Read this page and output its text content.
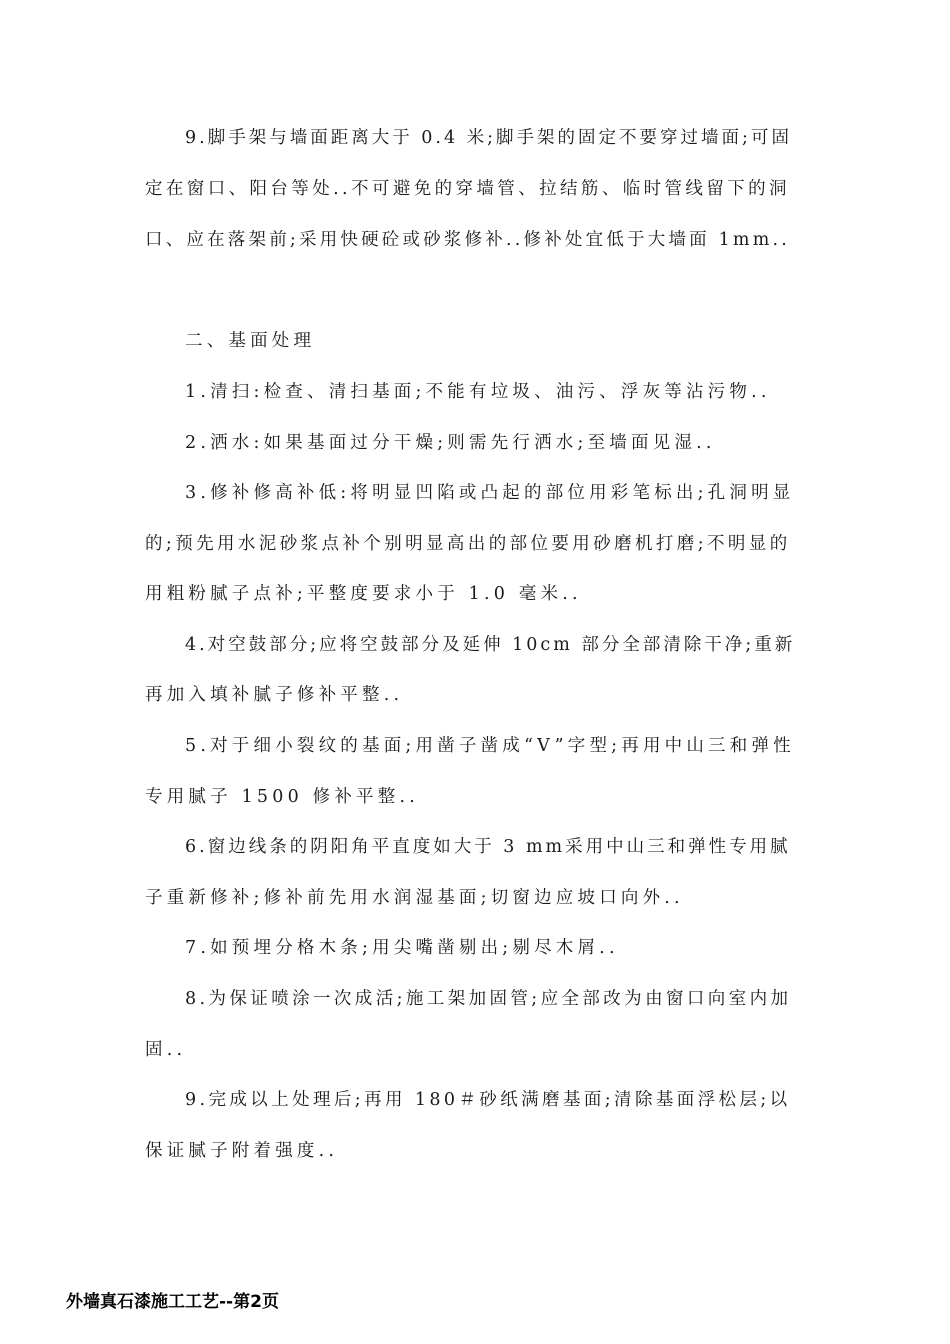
9.脚手架与墙面距离大于 0.4 米;脚手架的固定不要穿过墙面;可固
定在窗口、阳台等处..不可避免的穿墙管、拉结筋、临时管线留下的洞
口、应在落架前;采用快硬砼或砂浆修补..修补处宜低于大墙面 1mm..
二、基面处理
1.清扫:检查、清扫基面;不能有垃圾、油污、浮灰等沾污物..
2.洒水:如果基面过分干燥;则需先行洒水;至墙面见湿..
3.修补修高补低:将明显凹陷或凸起的部位用彩笔标出;孔洞明显
的;预先用水泥砂浆点补个别明显高出的部位要用砂磨机打磨;不明显的
用粗粉腻子点补;平整度要求小于 1.0 毫米..
4.对空鼓部分;应将空鼓部分及延伸 10cm 部分全部清除干净;重新
再加入填补腻子修补平整..
5.对于细小裂纹的基面;用凿子凿成“V”字型;再用中山三和弹性
专用腻子 1500 修补平整..
6.窗边线条的阴阳角平直度如大于 3 mm采用中山三和弹性专用腻
子重新修补;修补前先用水润湿基面;切窗边应坡口向外..
7.如预埋分格木条;用尖嘴凿剔出;剔尽木屑..
8.为保证喷涂一次成活;施工架加固管;应全部改为由窗口向室内加
固..
9.完成以上处理后;再用 180＃砂纸满磨基面;清除基面浮松层;以
保证腻子附着强度..
外墙真石漆施工工艺--第2页
